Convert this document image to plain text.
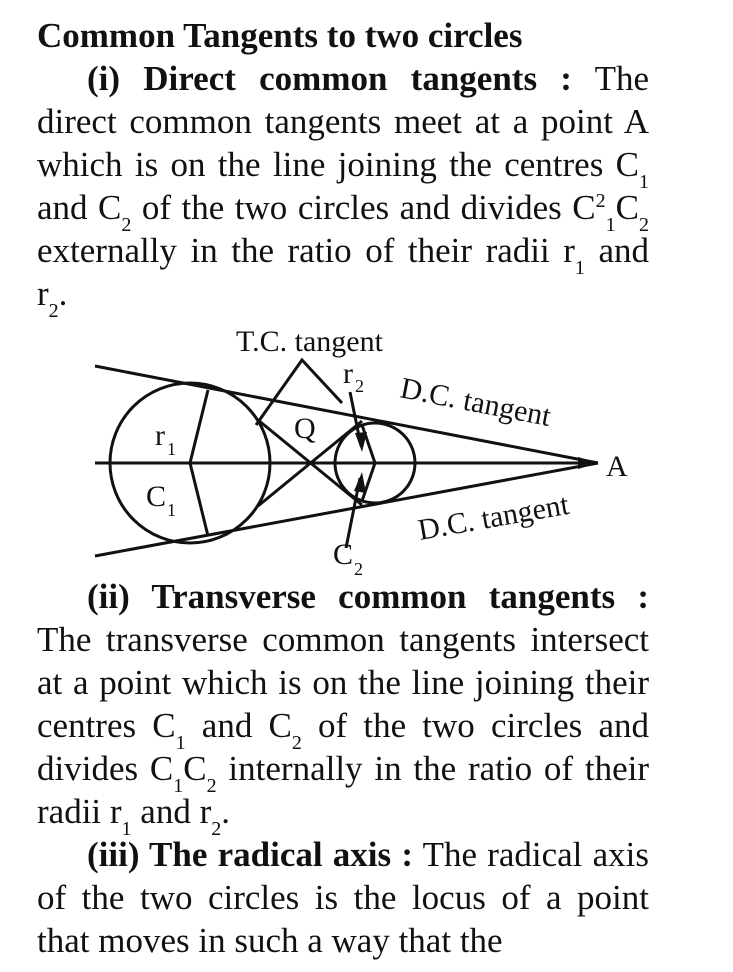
Common Tangents to two circles

(i) Direct common tangents : The direct common tangents meet at a point A which is on the line joining the centres $C_1$ and $C_2$ of the two circles and divides $C^2_1C_2$ externally in the ratio of their radii $r_1$ and $r_2$.

T.C. tangent
r 2 D.C. tangent
r 1
Q
A
C 1	D.C. tangent
C 2

(ii) Transverse common tangents : The transverse common tangents intersect at a point which is on the line joining their centres $C_1$ and $C_2$ of the two circles and divides $C_1C_2$ internally in the ratio of their radii $r_1$ and $r_2$.

(iii) The radical axis : The radical axis of the two circles is the locus of a point that moves in such a way that the
